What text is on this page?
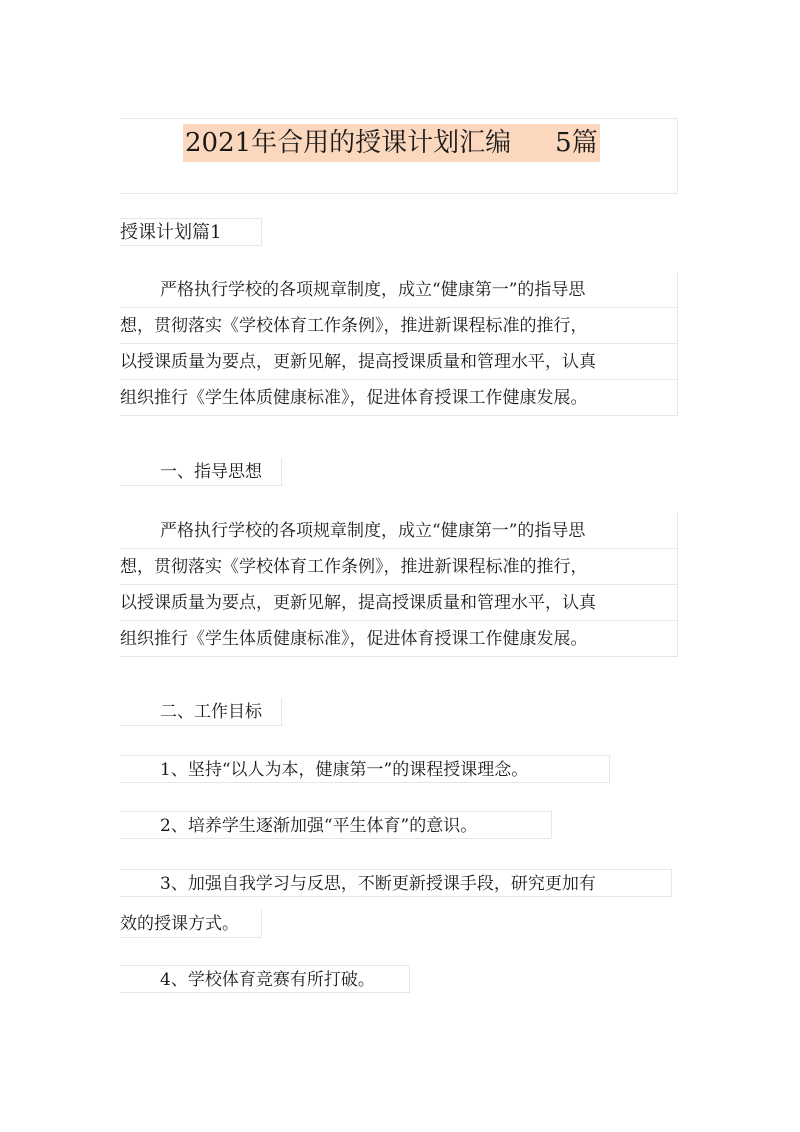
2021年合用的授课计划汇编 5篇
授课计划篇1
严格执行学校的各项规章制度，成立“健康第一”的指导思
想，贯彻落实《学校体育工作条例》，推进新课程标准的推行，
以授课质量为要点，更新见解，提高授课质量和管理水平，认真
组织推行《学生体质健康标准》，促进体育授课工作健康发展。
一、指导思想
严格执行学校的各项规章制度，成立“健康第一”的指导思
想，贯彻落实《学校体育工作条例》，推进新课程标准的推行，
以授课质量为要点，更新见解，提高授课质量和管理水平，认真
组织推行《学生体质健康标准》，促进体育授课工作健康发展。
二、工作目标
1、坚持“以人为本，健康第一”的课程授课理念。
2、培养学生逐渐加强“平生体育”的意识。
3、加强自我学习与反思，不断更新授课手段，研究更加有
效的授课方式。
4、学校体育竞赛有所打破。
